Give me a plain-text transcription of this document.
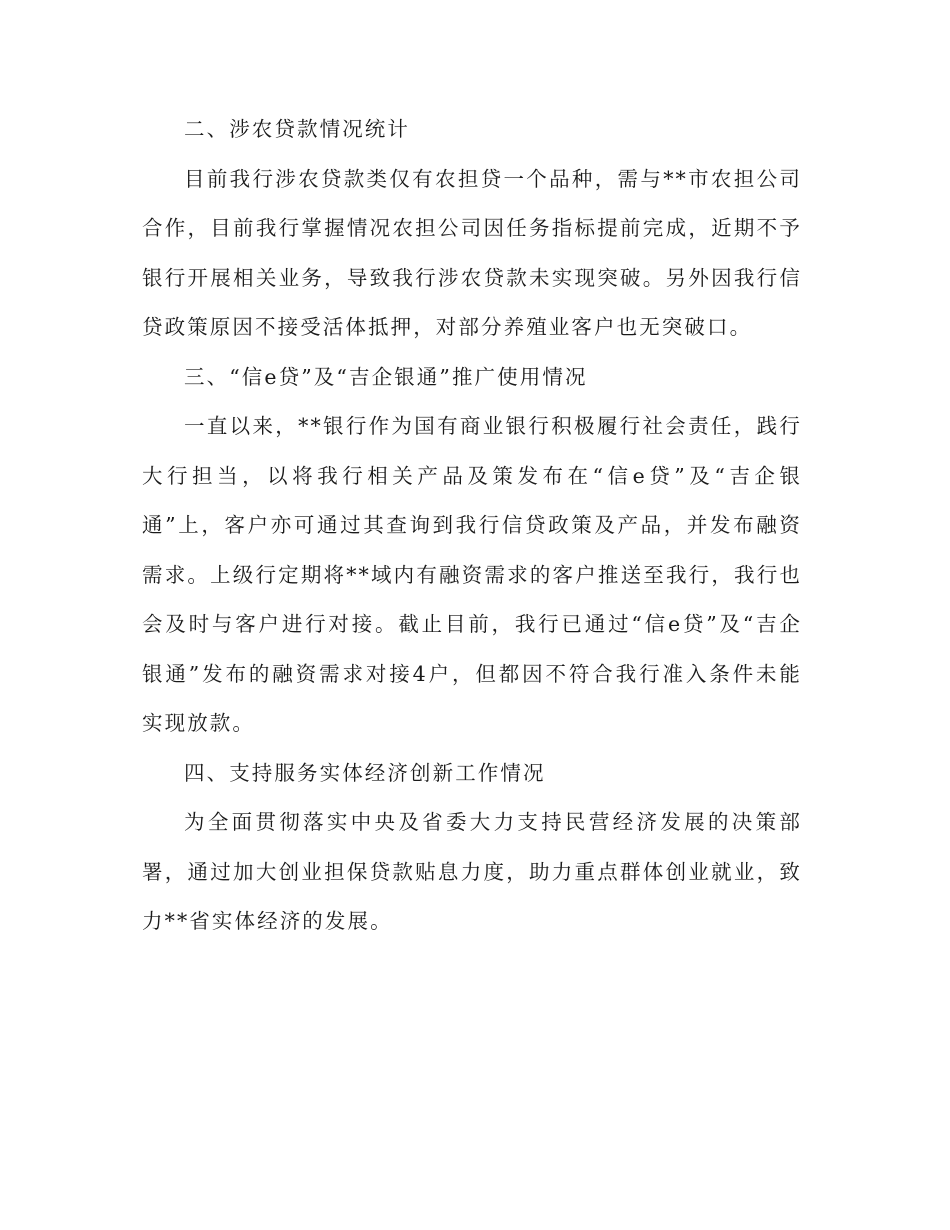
二、涉农贷款情况统计

目前我行涉农贷款类仅有农担贷一个品种，需与**市农担公司合作，目前我行掌握情况农担公司因任务指标提前完成，近期不予银行开展相关业务，导致我行涉农贷款未实现突破。另外因我行信贷政策原因不接受活体抵押，对部分养殖业客户也无突破口。

三、“信e贷”及“吉企银通”推广使用情况

一直以来，**银行作为国有商业银行积极履行社会责任，践行大行担当，以将我行相关产品及策发布在“信e贷”及“吉企银通”上，客户亦可通过其查询到我行信贷政策及产品，并发布融资需求。上级行定期将**域内有融资需求的客户推送至我行，我行也会及时与客户进行对接。截止目前，我行已通过“信e贷”及“吉企银通”发布的融资需求对接4户，但都因不符合我行准入条件未能实现放款。

四、支持服务实体经济创新工作情况

为全面贯彻落实中央及省委大力支持民营经济发展的决策部署，通过加大创业担保贷款贴息力度，助力重点群体创业就业，致力**省实体经济的发展。
